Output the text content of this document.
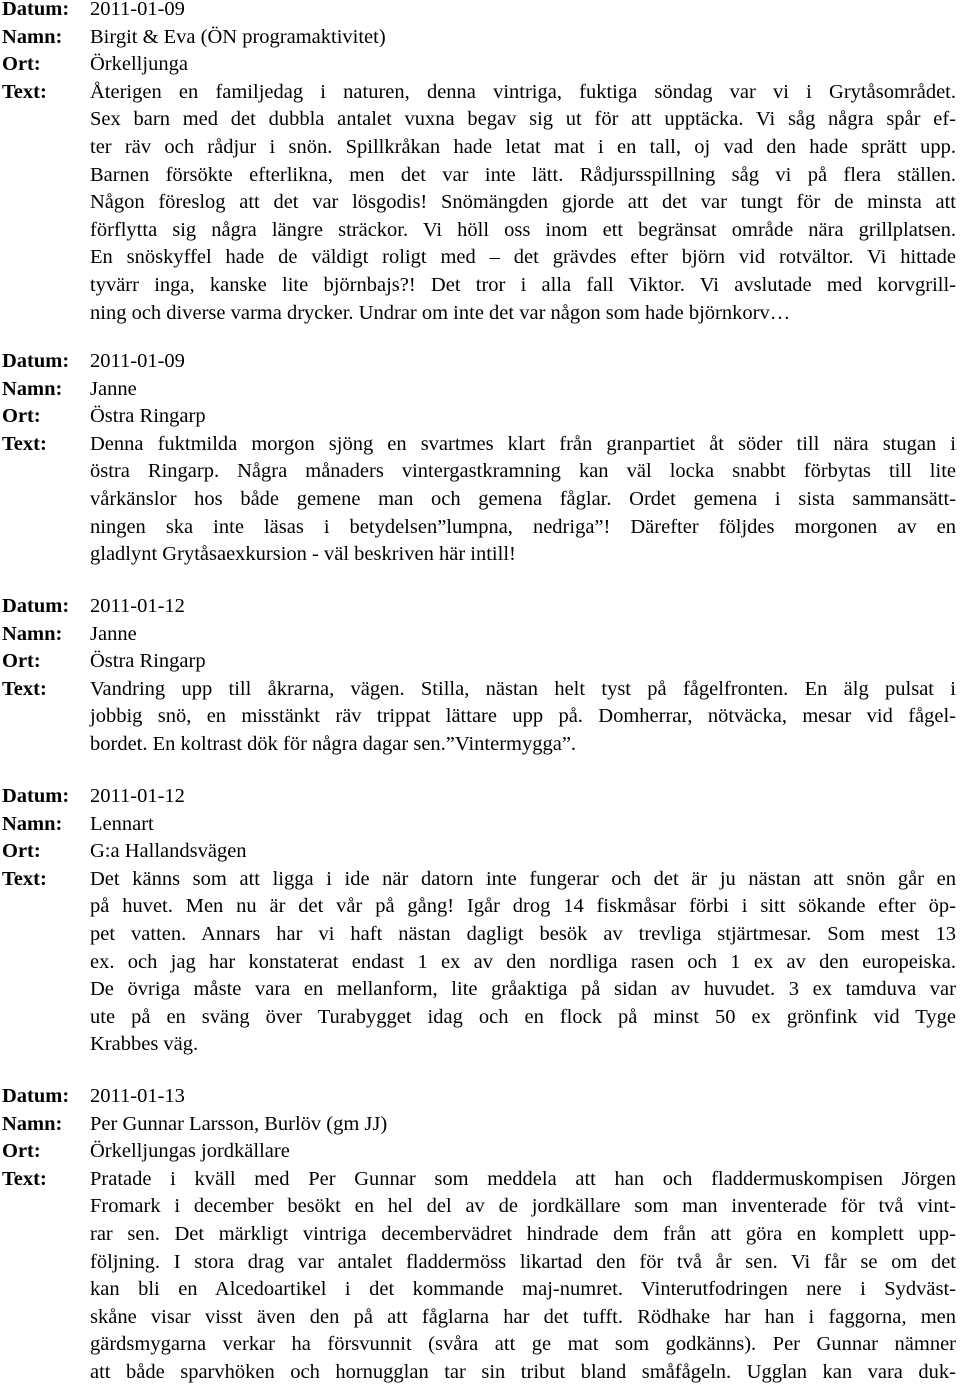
Datum: 2011-01-09
Namn: Birgit & Eva (ÖN programaktivitet)
Ort: Örkelljunga
Text: Återigen en familjedag i naturen, denna vintriga, fuktiga söndag var vi i Grytåsområdet.
Sex barn med det dubbla antalet vuxna begav sig ut för att upptäcka. Vi såg några spår ef-
ter räv och rådjur i snön. Spillkråkan hade letat mat i en tall, oj vad den hade sprätt upp.
Barnen försökte efterlikna, men det var inte lätt. Rådjursspillning såg vi på flera ställen.
Någon föreslog att det var lösgodis! Snömängden gjorde att det var tungt för de minsta att
förflytta sig några längre sträckor. Vi höll oss inom ett begränsat område nära grillplatsen.
En snöskyffel hade de väldigt roligt med – det grävdes efter björn vid rotvältor. Vi hittade
tyvärr inga, kanske lite björnbajs?! Det tror i alla fall Viktor. Vi avslutade med korvgrill-
ning och diverse varma drycker. Undrar om inte det var någon som hade björnkorv…
Datum: 2011-01-09
Namn: Janne
Ort: Östra Ringarp
Text: Denna fuktmilda morgon sjöng en svartmes klart från granpartiet åt söder till nära stugan i
östra Ringarp. Några månaders vintergastkramning kan väl locka snabbt förbytas till lite
vårkänslor hos både gemene man och gemena fåglar. Ordet gemena i sista sammansätt-
ningen ska inte läsas i betydelsen”lumpna, nedriga”! Därefter följdes morgonen av en
gladlynt Grytåsaexkursion - väl beskriven här intill!
Datum: 2011-01-12
Namn: Janne
Ort: Östra Ringarp
Text: Vandring upp till åkrarna, vägen. Stilla, nästan helt tyst på fågelfronten. En älg pulsat i
jobbig snö, en misstänkt räv trippat lättare upp på. Domherrar, nötväcka, mesar vid fågel-
bordet. En koltrast dök för några dagar sen.”Vintermygga”.
Datum: 2011-01-12
Namn: Lennart
Ort: G:a Hallandsvägen
Text: Det känns som att ligga i ide när datorn inte fungerar och det är ju nästan att snön går en
på huvet. Men nu är det vår på gång! Igår drog 14 fiskmåsar förbi i sitt sökande efter öp-
pet vatten. Annars har vi haft nästan dagligt besök av trevliga stjärtmesar. Som mest 13
ex. och jag har konstaterat endast 1 ex av den nordliga rasen och 1 ex av den europeiska.
De övriga måste vara en mellanform, lite gråaktiga på sidan av huvudet. 3 ex tamduva var
ute på en sväng över Turabygget idag och en flock på minst 50 ex grönfink vid Tyge
Krabbes väg.
Datum: 2011-01-13
Namn: Per Gunnar Larsson, Burlöv (gm JJ)
Ort: Örkelljungas jordkällare
Text: Pratade i kväll med Per Gunnar som meddela att han och fladdermuskompisen Jörgen
Fromark i december besökt en hel del av de jordkällare som man inventerade för två vint-
rar sen. Det märkligt vintriga decembervädret hindrade dem från att göra en komplett upp-
följning. I stora drag var antalet fladdermöss likartad den för två år sen. Vi får se om det
kan bli en Alcedoartikel i det kommande maj-numret. Vinterutfodringen nere i Sydväst-
skåne visar visst även den på att fåglarna har det tufft. Rödhake har han i faggorna, men
gärdsmygarna verkar ha försvunnit (svåra att ge mat som godkänns). Per Gunnar nämner
att både sparvhöken och hornugglan tar sin tribut bland småfågeln. Ugglan kan vara duk-
